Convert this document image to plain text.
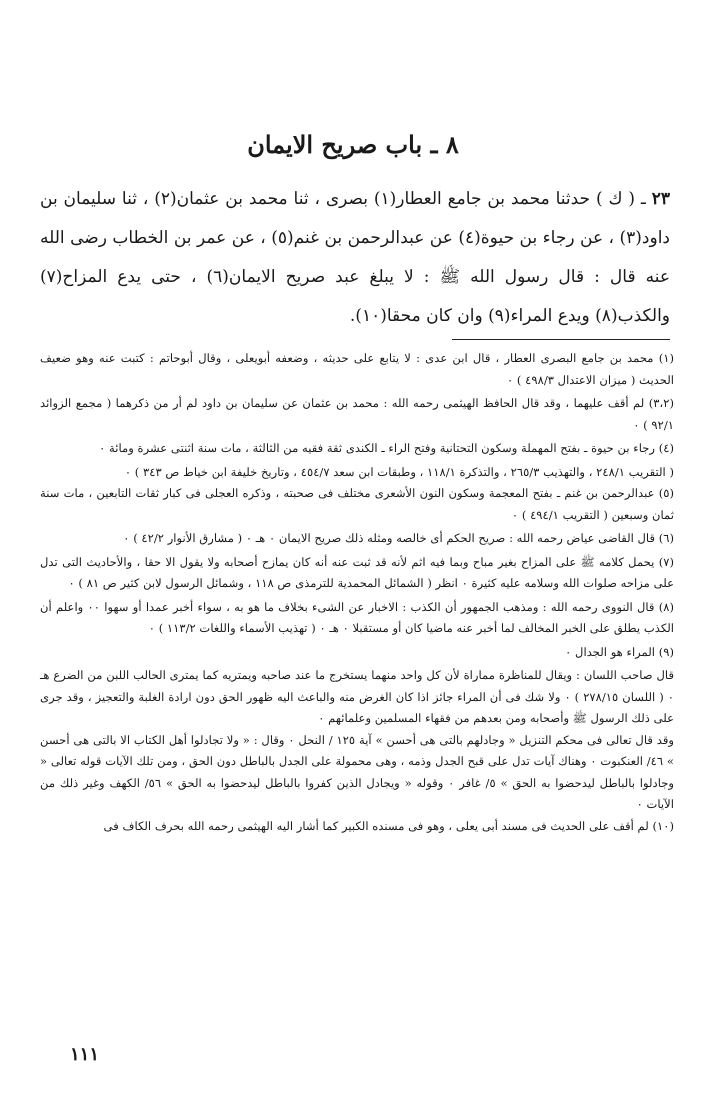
٨ ـ باب صريح الايمان
٢٣ ـ ( ك ) حدثنا محمد بن جامع العطار(١) بصرى ، ثنا محمد بن عثمان(٢) ، ثنا سليمان بن داود(٣) ، عن رجاء بن حيوة(٤) عن عبدالرحمن بن غنم(٥) ، عن عمر بن الخطاب رضى الله عنه قال : قال رسول الله ﷺ : لا يبلغ عبد صريح الايمان(٦) ، حتى يدع المزاح(٧) والكذب(٨) ويدع المراء(٩) وان كان محقا(١٠).

(١) محمد بن جامع البصرى العطار ، قال ابن عدى : لا يتابع على حديثه ، وضعفه أبويعلى ، وقال أبوحاتم : كتبت عنه وهو ضعيف الحديث ( ميزان الاعتدال ٤٩٨/٣ ) ٠

(٣،٢) لم أقف عليهما ، وقد قال الحافظ الهيثمى رحمه الله : محمد بن عثمان عن سليمان بن داود لم أر من ذكرهما ( مجمع الزوائد ٩٢/١ ) ٠

(٤) رجاء بن حيوة ـ بفتح المهملة وسكون التحتانية وفتح الراء ـ الكندى ثقة فقيه من الثالثة ، مات سنة اثنتى عشرة ومائة ٠

( التقريب ٢٤٨/١ ، والتهذيب ٢٦٥/٣ ، والتذكرة ١١٨/١ ، وطبقات ابن سعد ٤٥٤/٧ ، وتاريخ خليفة ابن خياط ص ٣٤٣ ) ٠

(٥) عبدالرحمن بن غنم ـ بفتح المعجمة وسكون النون الأشعرى مختلف فى صحبته ، وذكره العجلى فى كبار ثقات التابعين ، مات سنة ثمان وسبعين ( التقريب ٤٩٤/١ ) ٠

(٦) قال القاضى عياض رحمه الله : صريح الحكم أى خالصه ومثله ذلك صريح الايمان ٠ هـ ٠ ( مشارق الأنوار ٤٢/٢ ) ٠

(٧) يحمل كلامه ﷺ على المزاح بغير مباح وبما فيه اثم لأنه قد ثبت عنه أنه كان يمازح أصحابه ولا يقول الا حقا ، والأحاديث التى تدل على مزاحه صلوات الله وسلامه عليه كثيرة ٠ انظر ( الشمائل المحمدية للترمذى ص ١١٨ ، وشمائل الرسول لابن كثير ص ٨١ ) ٠

(٨) قال النووى رحمه الله : ومذهب الجمهور أن الكذب : الاخبار عن الشىء بخلاف ما هو به ، سواء أخبر عمدا أو سهوا ٠٠ واعلم أن الكذب يطلق على الخبر المخالف لما أخبر عنه ماضيا كان أو مستقبلا ٠ هـ ٠ ( تهذيب الأسماء واللغات ١١٣/٢ ) ٠

(٩) المراء هو الجدال ٠

قال صاحب اللسان : ويقال للمناظرة مماراة لأن كل واحد منهما يستخرج ما عند صاحبه ويمتريه كما يمترى الحالب اللبن من الضرع هـ ٠ ( اللسان ٢٧٨/١٥ ) ٠ ولا شك فى أن المراء جائز اذا كان الغرض منه والباعث اليه ظهور الحق دون ارادة الغلبة والتعجيز ، وقد جرى على ذلك الرسول ﷺ وأصحابه ومن بعدهم من فقهاء المسلمين وعلمائهم ٠

وقد قال تعالى فى محكم التنزيل « وجادلهم بالتى هى أحسن » آية ١٢٥ / النحل ٠ وقال : « ولا تجادلوا أهل الكتاب الا بالتى هى أحسن » ٤٦/ العنكبوت ٠ وهناك آيات تدل على قبح الجدل وذمه ، وهى محمولة على الجدل بالباطل دون الحق ، ومن تلك الآيات قوله تعالى « وجادلوا بالباطل ليدحضوا به الحق » ٥/ غافر ٠ وقوله « ويجادل الذين كفروا بالباطل ليدحضوا به الحق » ٥٦/ الكهف وغير ذلك من الآيات ٠

(١٠) لم أقف على الحديث فى مسند أبى يعلى ، وهو فى مسنده الكبير كما أشار اليه الهيثمى رحمه الله بحرف الكاف فى

١١١
